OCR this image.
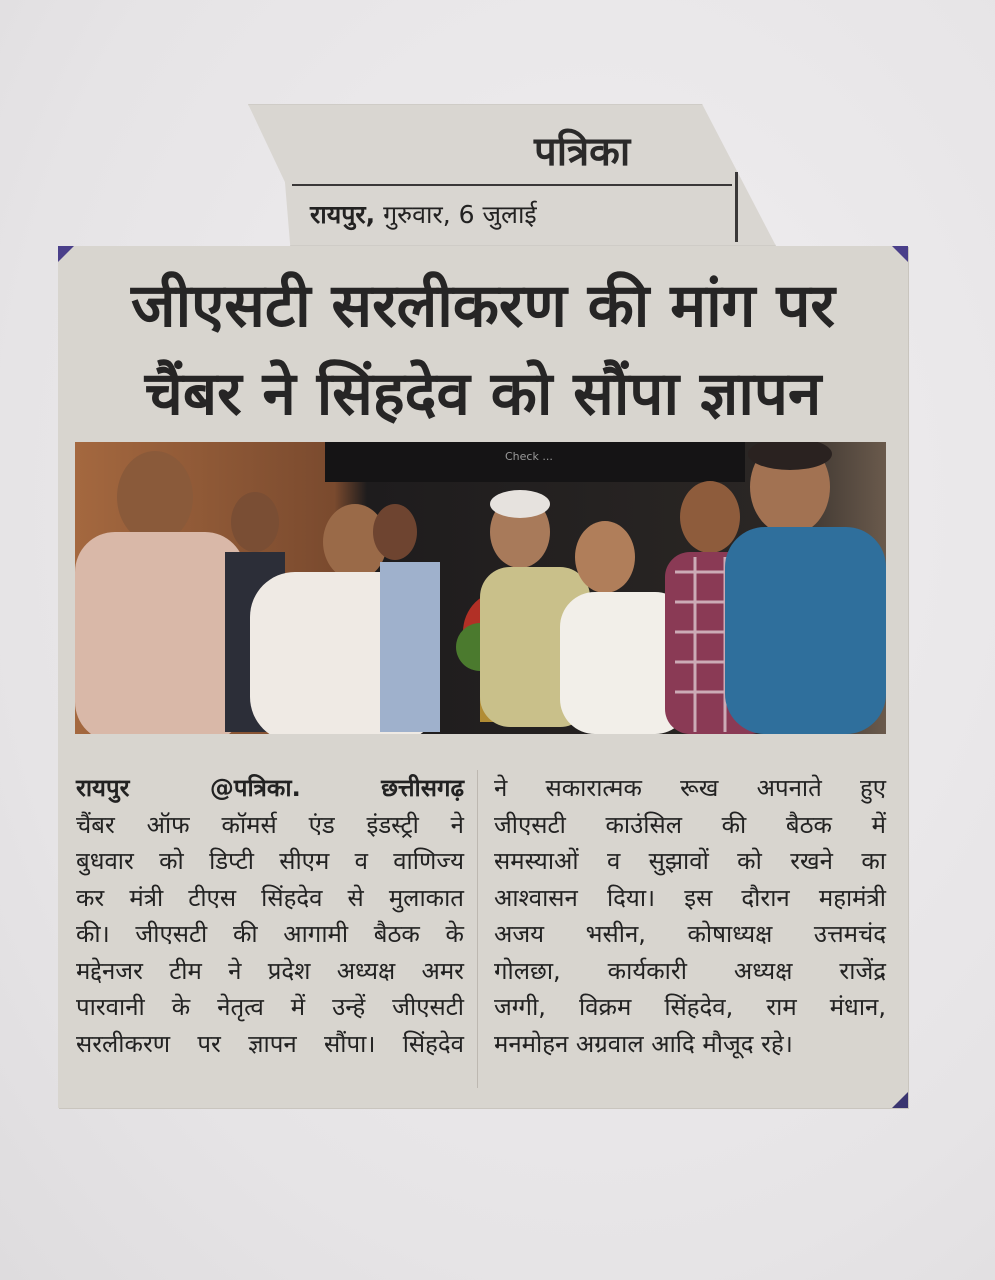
पत्रिका
रायपुर, गुरुवार, 6 जुलाई
जीएसटी सरलीकरण की मांग पर
चैंबर ने सिंहदेव को सौंपा ज्ञापन
Check ...
रायपुर @पत्रिका. छत्तीसगढ़
चैंबर ऑफ कॉमर्स एंड इंडस्ट्री ने
बुधवार को डिप्टी सीएम व वाणिज्य
कर मंत्री टीएस सिंहदेव से मुलाकात
की। जीएसटी की आगामी बैठक के
मद्देनजर टीम ने प्रदेश अध्यक्ष अमर
पारवानी के नेतृत्व में उन्हें जीएसटी
सरलीकरण पर ज्ञापन सौंपा। सिंहदेव
ने सकारात्मक रूख अपनाते हुए
जीएसटी काउंसिल की बैठक में
समस्याओं व सुझावों को रखने का
आश्वासन दिया। इस दौरान महामंत्री
अजय भसीन, कोषाध्यक्ष उत्तमचंद
गोलछा, कार्यकारी अध्यक्ष राजेंद्र
जग्गी, विक्रम सिंहदेव, राम मंधान,
मनमोहन अग्रवाल आदि मौजूद रहे।
